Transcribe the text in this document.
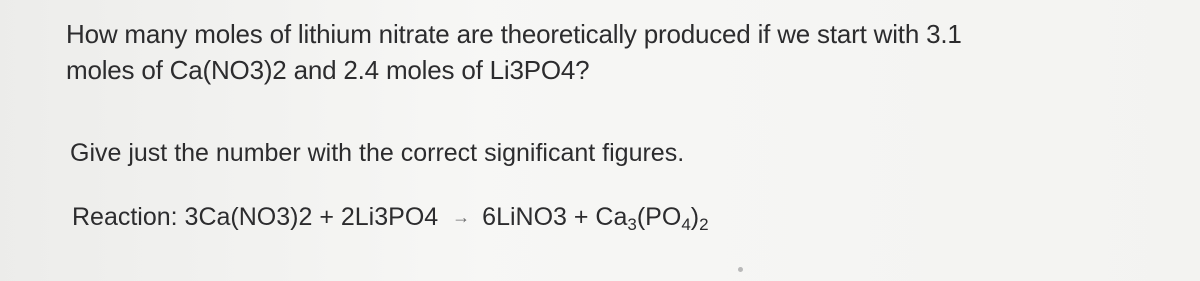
How many moles of lithium nitrate are theoretically produced if we start with 3.1
moles of Ca(NO3)2 and 2.4 moles of Li3PO4?
Give just the number with the correct significant figures.
Reaction: 3Ca(NO3)2 + 2Li3PO4 → 6LiNO3 + $Ca_3(PO_4)_2$
